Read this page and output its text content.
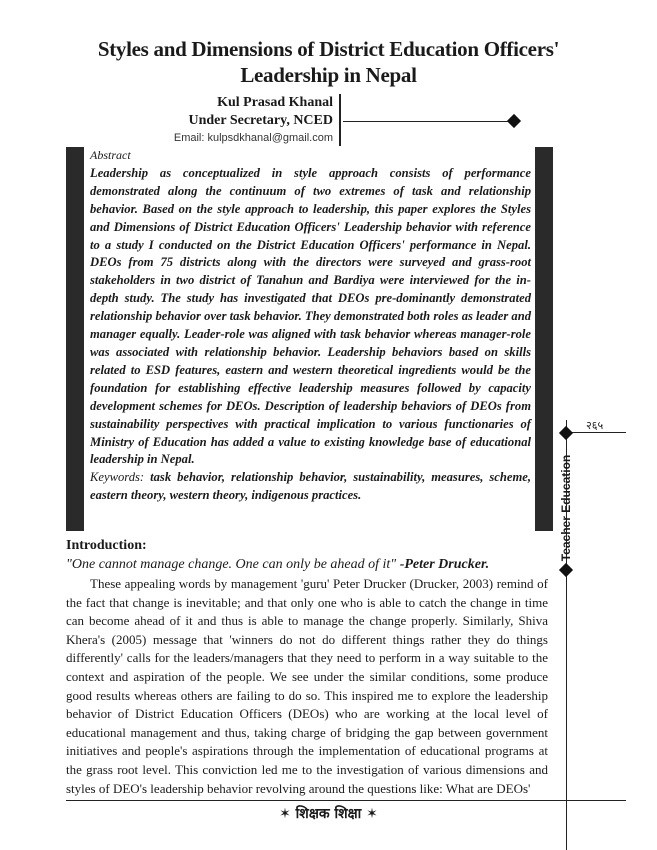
Styles and Dimensions of District Education Officers'
Leadership in Nepal
Kul Prasad Khanal
Under Secretary, NCED
Email: kulpsdkhanal@gmail.com
Abstract
Leadership as conceptualized in style approach consists of performance demonstrated along the continuum of two extremes of task and relationship behavior. Based on the style approach to leadership, this paper explores the Styles and Dimensions of District Education Officers' Leadership behavior with reference to a study I conducted on the District Education Officers' performance in Nepal. DEOs from 75 districts along with the directors were surveyed and grass-root stakeholders in two district of Tanahun and Bardiya were interviewed for the in-depth study. The study has investigated that DEOs pre-dominantly demonstrated relationship behavior over task behavior. They demonstrated both roles as leader and manager equally. Leader-role was aligned with task behavior whereas manager-role was associated with relationship behavior. Leadership behaviors based on skills related to ESD features, eastern and western theoretical ingredients would be the foundation for establishing effective leadership measures followed by capacity development schemes for DEOs. Description of leadership behaviors of DEOs from sustainability perspectives with practical implication to various functionaries of Ministry of Education has added a value to existing knowledge base of educational leadership in Nepal.
Keywords: task behavior, relationship behavior, sustainability, measures, scheme, eastern theory, western theory, indigenous practices.
२६५
Teacher Education
Introduction:
"One cannot manage change. One can only be ahead of it" -Peter Drucker.

These appealing words by management 'guru' Peter Drucker (Drucker, 2003) remind of the fact that change is inevitable; and that only one who is able to catch the change in time can become ahead of it and thus is able to manage the change properly. Similarly, Shiva Khera's (2005) message that 'winners do not do different things rather they do things differently' calls for the leaders/managers that they need to perform in a way suitable to the context and aspiration of the people. We see under the similar conditions, some produce good results whereas others are failing to do so. This inspired me to explore the leadership behavior of District Education Officers (DEOs) who are working at the local level of educational management and thus, taking charge of bridging the gap between government initiatives and people's aspirations through the implementation of educational programs at the grass root level. This conviction led me to the investigation of various dimensions and styles of DEO's leadership behavior revolving around the questions like: What are DEOs'

✶ शिक्षक शिक्षा ✶
